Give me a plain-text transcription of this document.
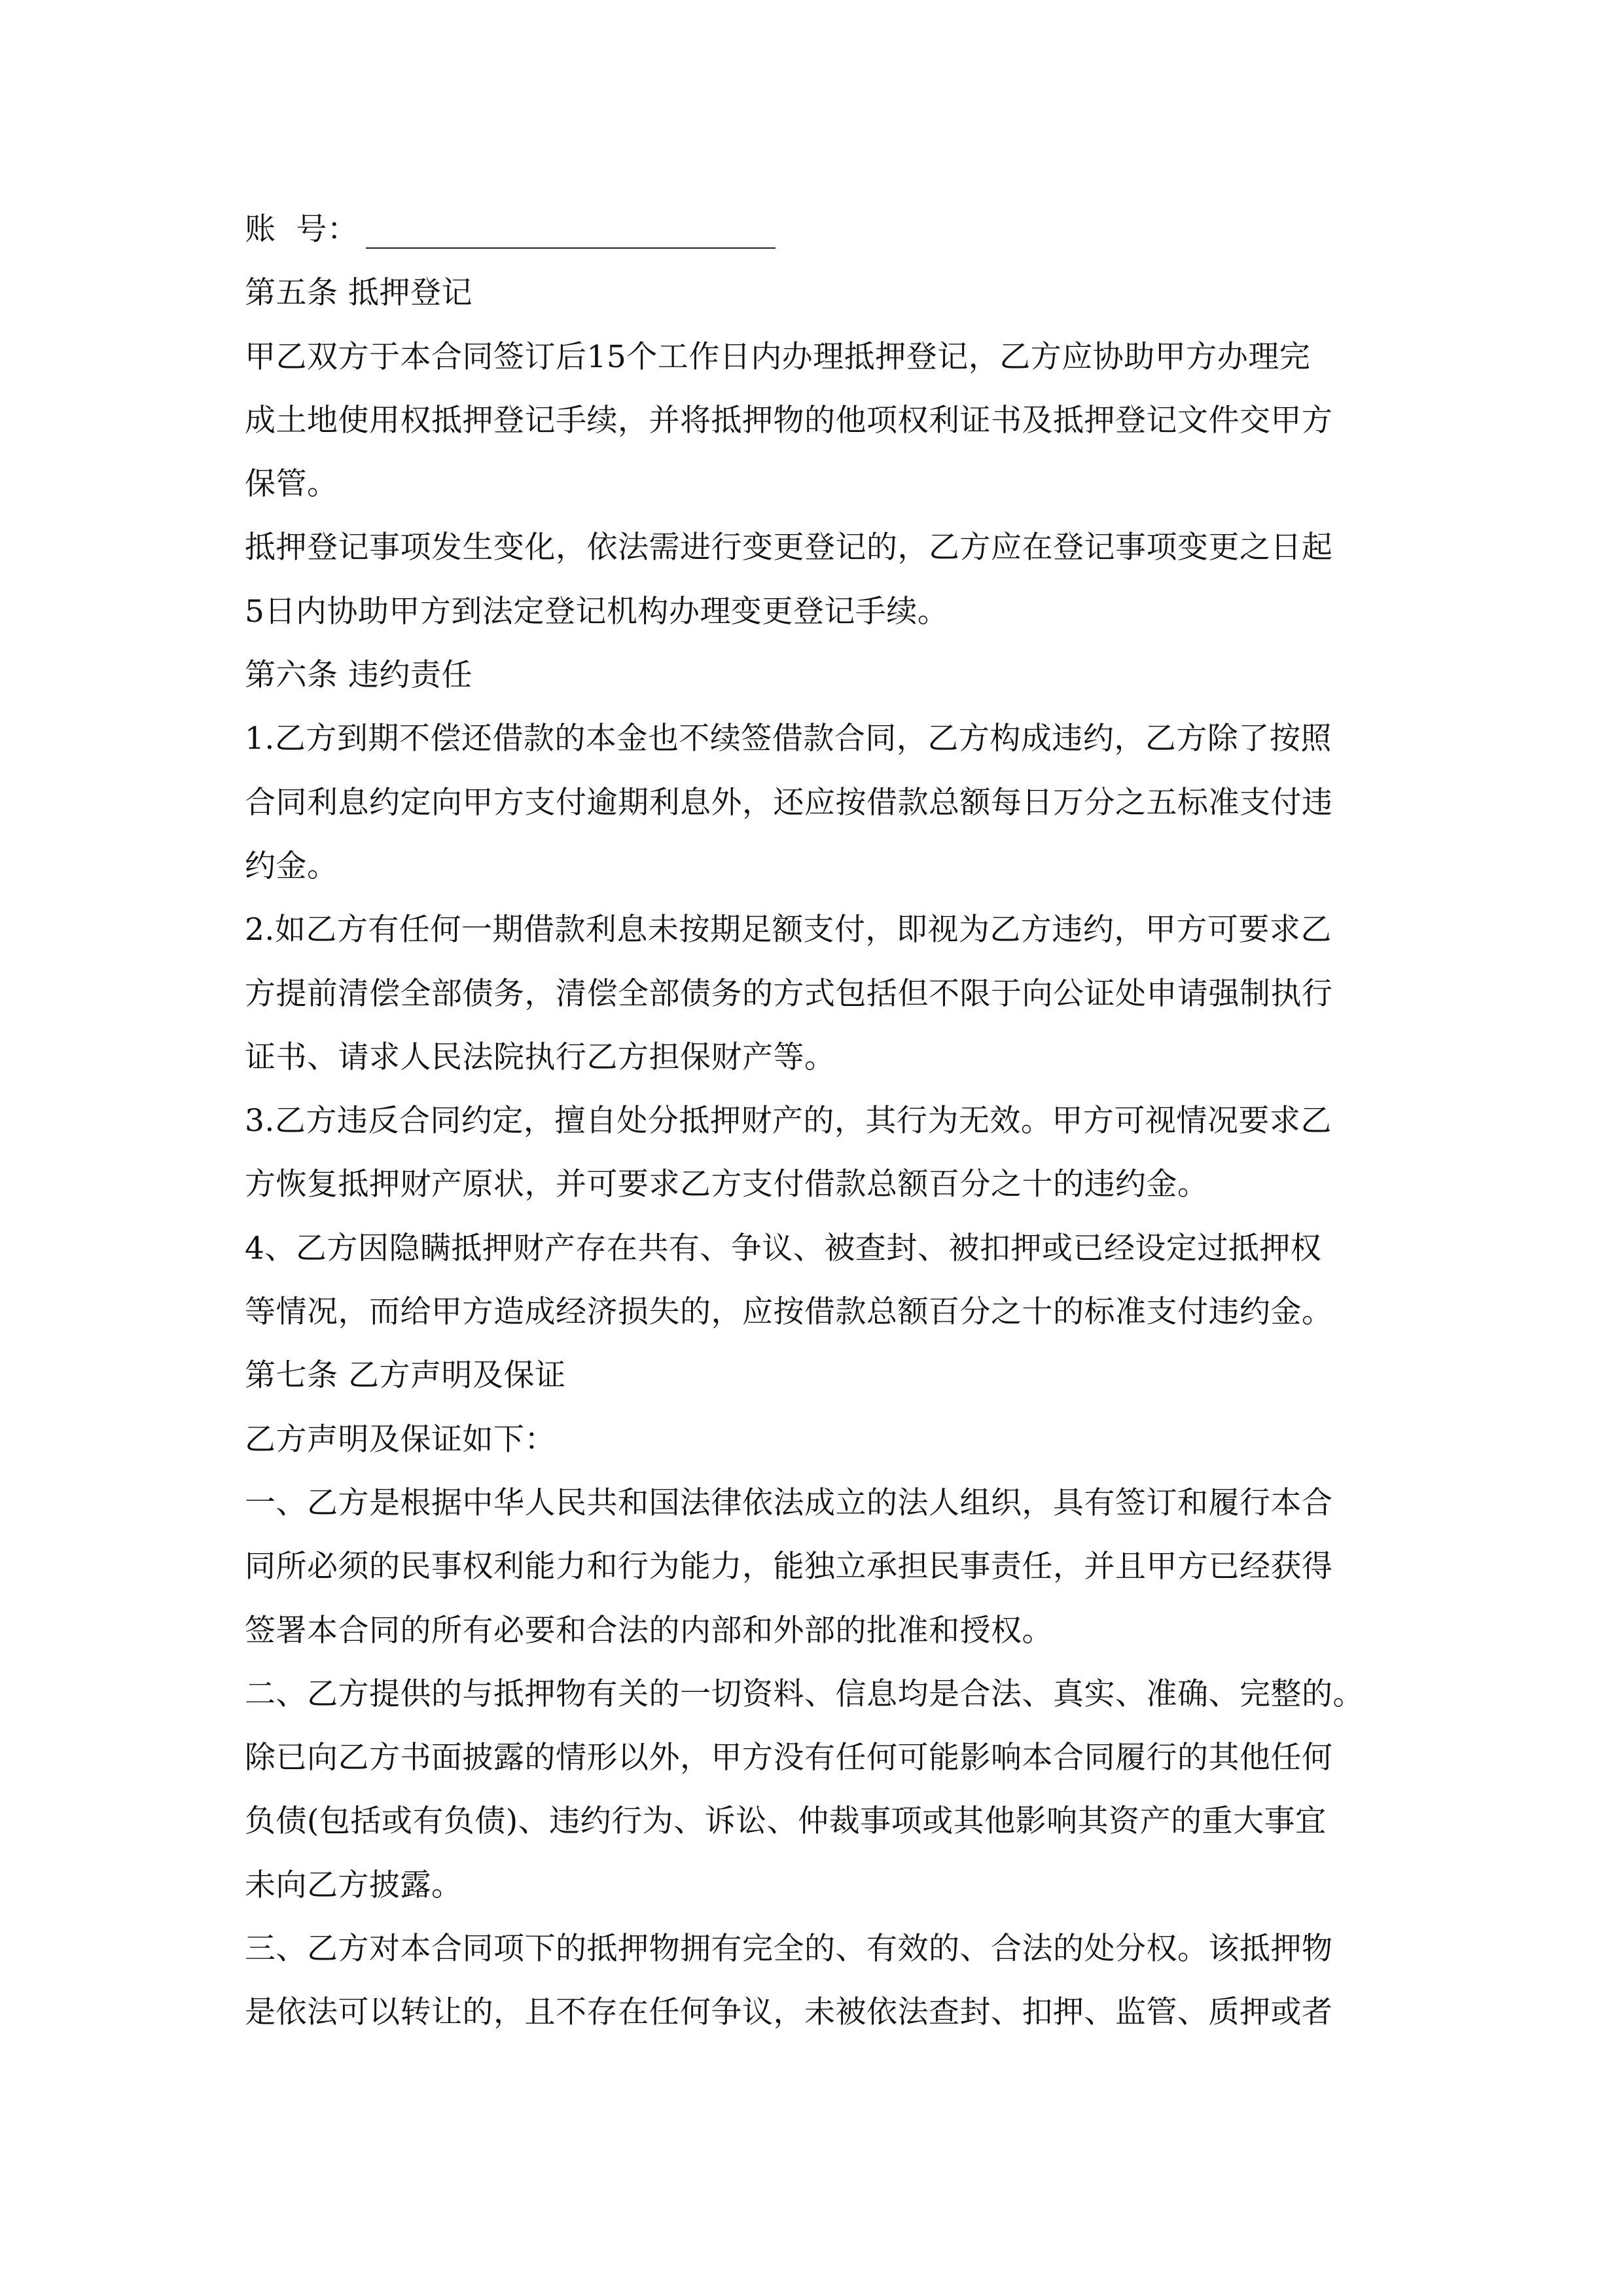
账  号：
第五条 抵押登记
甲乙双方于本合同签订后15个工作日内办理抵押登记，乙方应协助甲方办理完
成土地使用权抵押登记手续，并将抵押物的他项权利证书及抵押登记文件交甲方
保管。
抵押登记事项发生变化，依法需进行变更登记的，乙方应在登记事项变更之日起
5日内协助甲方到法定登记机构办理变更登记手续。
第六条 违约责任
1.乙方到期不偿还借款的本金也不续签借款合同，乙方构成违约，乙方除了按照
合同利息约定向甲方支付逾期利息外，还应按借款总额每日万分之五标准支付违
约金。
2.如乙方有任何一期借款利息未按期足额支付，即视为乙方违约，甲方可要求乙
方提前清偿全部债务，清偿全部债务的方式包括但不限于向公证处申请强制执行
证书、请求人民法院执行乙方担保财产等。
3.乙方违反合同约定，擅自处分抵押财产的，其行为无效。甲方可视情况要求乙
方恢复抵押财产原状，并可要求乙方支付借款总额百分之十的违约金。
4、乙方因隐瞒抵押财产存在共有、争议、被查封、被扣押或已经设定过抵押权
等情况，而给甲方造成经济损失的，应按借款总额百分之十的标准支付违约金。
第七条 乙方声明及保证
乙方声明及保证如下：
一、乙方是根据中华人民共和国法律依法成立的法人组织，具有签订和履行本合
同所必须的民事权利能力和行为能力，能独立承担民事责任，并且甲方已经获得
签署本合同的所有必要和合法的内部和外部的批准和授权。
二、乙方提供的与抵押物有关的一切资料、信息均是合法、真实、准确、完整的。
除已向乙方书面披露的情形以外，甲方没有任何可能影响本合同履行的其他任何
负债(包括或有负债)、违约行为、诉讼、仲裁事项或其他影响其资产的重大事宜
未向乙方披露。
三、乙方对本合同项下的抵押物拥有完全的、有效的、合法的处分权。该抵押物
是依法可以转让的，且不存在任何争议，未被依法查封、扣押、监管、质押或者
